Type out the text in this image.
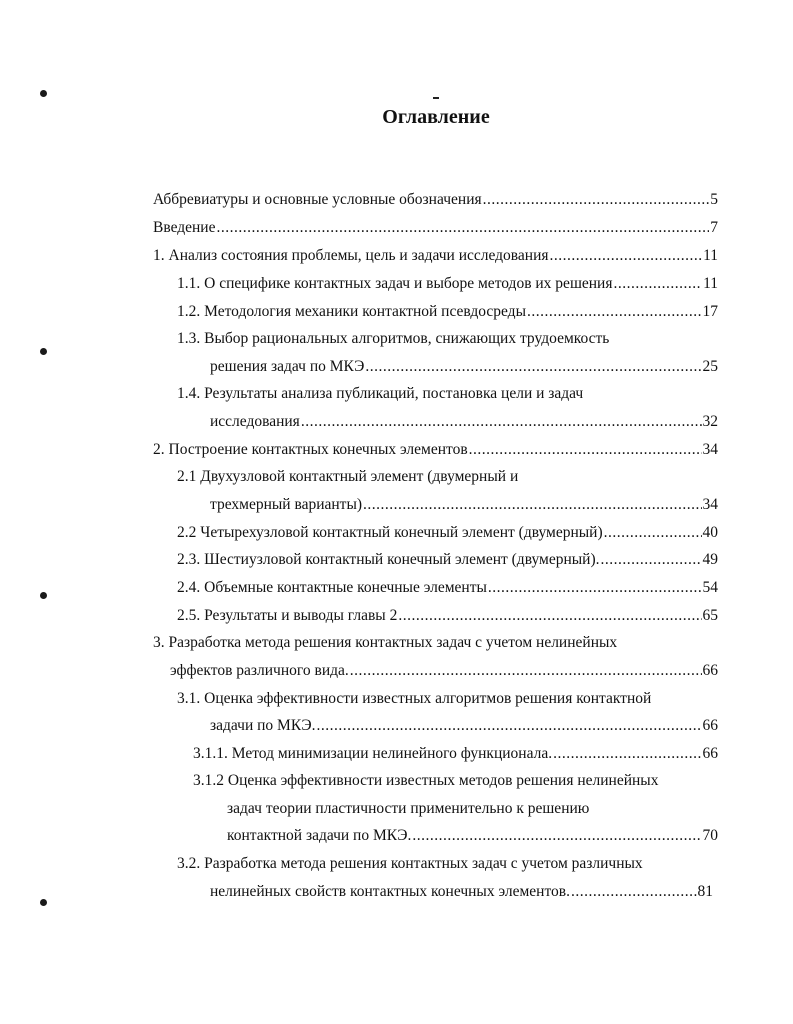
Оглавление
Аббревиатуры и основные условные обозначения .....	5
Введение .....	7
1. Анализ состояния проблемы, цель и задачи исследования .....	11
1.1. О специфике контактных задач и выборе методов их решения .....	11
1.2. Методология механики контактной псевдосреды .....	17
1.3. Выбор рациональных алгоритмов, снижающих трудоемкость
решения задач по МКЭ .....	25
1.4. Результаты анализа публикаций, постановка цели и задач
исследования .....	32
2. Построение контактных конечных элементов .....	34
2.1 Двухузловой контактный элемент (двумерный и
трехмерный варианты) .....	34
2.2 Четырехузловой контактный конечный элемент (двумерный) .....	40
2.3. Шестиузловой контактный конечный элемент (двумерный). .....	49
2.4. Объемные контактные конечные элементы .....	54
2.5. Результаты и выводы главы 2 .....	65
3. Разработка метода решения контактных задач с учетом нелинейных
эффектов различного вида. .....	66
3.1. Оценка эффективности известных алгоритмов решения контактной
задачи по МКЭ. .....	66
3.1.1. Метод минимизации нелинейного функционала. .....	66
3.1.2 Оценка эффективности известных методов решения нелинейных
задач теории пластичности применительно к решению
контактной задачи по МКЭ. .....	70
3.2. Разработка метода решения контактных задач с учетом различных
нелинейных свойств контактных конечных элементов. .....	81
